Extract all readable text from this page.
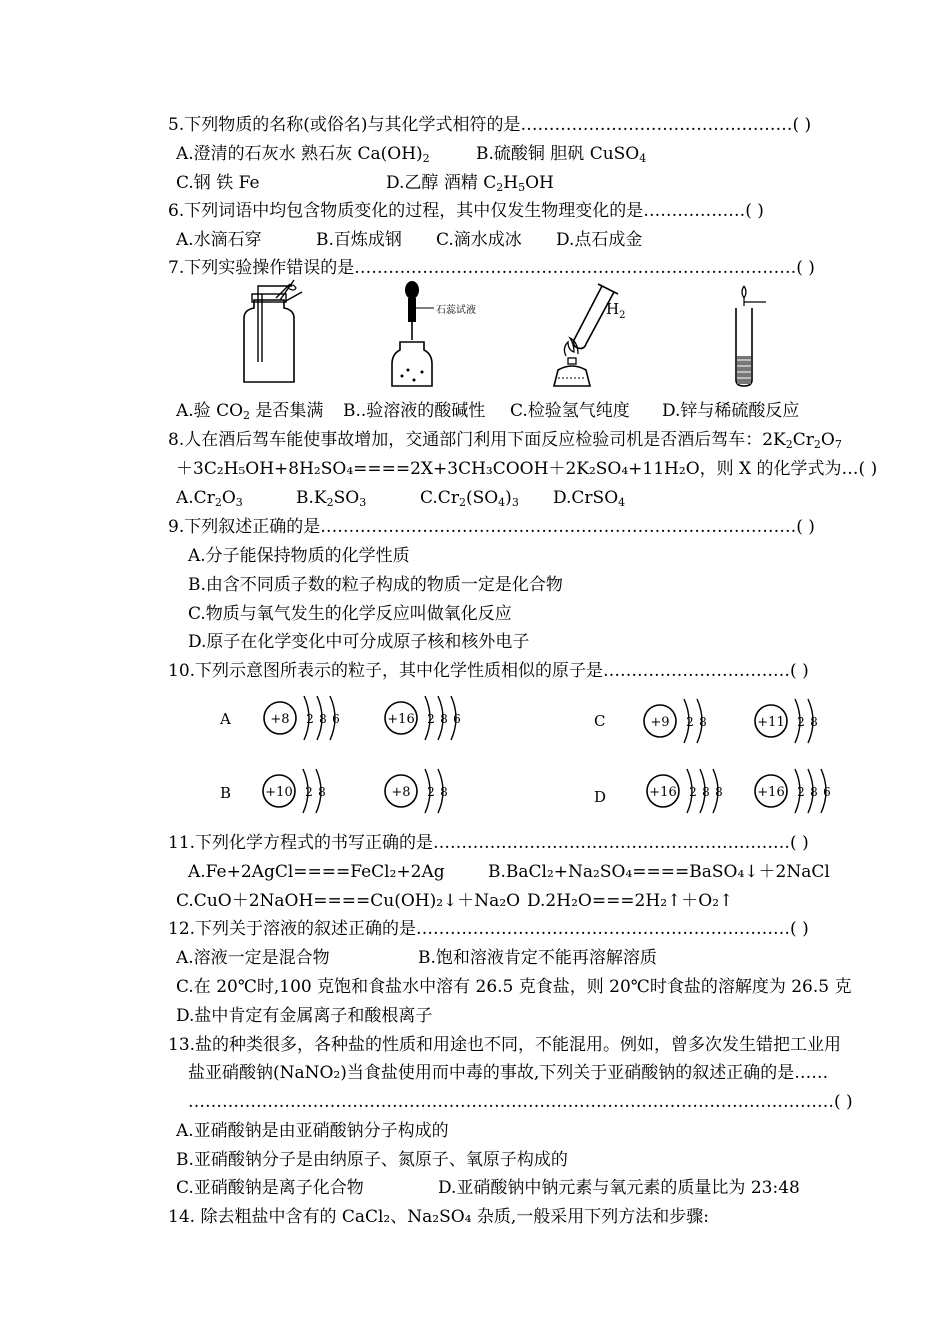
5.下列物质的名称(或俗名)与其化学式相符的是…………………………………………( )
A.澄清的石灰水 熟石灰 $Ca(OH)_2$	B.硫酸铜 胆矾 CuSO$_4$
C.钢 铁 Fe	D.乙醇 酒精 $C_2H_5OH$
6.下列词语中均包含物质变化的过程，其中仅发生物理变化的是………………( )
A.水滴石穿	B.百炼成钢 C.滴水成冰 D.点石成金
7.下列实验操作错误的是……………………………………………………………………( )
石蕊试液	$H_2$
A.验 $CO_2$ 是否集满 B..验溶液的酸碱性 C.检验氢气纯度 D.锌与稀硫酸反应
8.人在酒后驾车能使事故增加，交通部门利用下面反应检验司机是否酒后驾车：$2K_2Cr_2O_7$
＋3C₂H₅OH+8H₂SO₄====2X+3CH₃COOH＋2K₂SO₄+11H₂O，则 X 的化学式为…( )
$A.Cr_2O_3$	$B.K_2SO_3$	$C.Cr_2(SO_4)_3$ D.CrSO$_4$
9.下列叙述正确的是…………………………………………………………………………( )
A.分子能保持物质的化学性质
B.由含不同质子数的粒子构成的物质一定是化合物
C.物质与氧气发生的化学反应叫做氧化反应
D.原子在化学变化中可分成原子核和核外电子
10.下列示意图所表示的粒子，其中化学性质相似的原子是……………………………( )
A
B
C
D
+8 2 8 6	+16 2 8 6
+10 2 8	+8 2 8
+9 2 8	+11 2 8
+16 2 8 8	+16 2 8 6
11.下列化学方程式的书写正确的是………………………………………………………( )
A.Fe+2AgCl====FeCl₂+2Ag	B.BaCl₂+Na₂SO₄====BaSO₄↓＋2NaCl
C.CuO＋2NaOH====Cu(OH)₂↓＋Na₂O D.2H₂O===2H₂↑＋O₂↑
12.下列关于溶液的叙述正确的是…………………………………………………………( )
A.溶液一定是混合物	B.饱和溶液肯定不能再溶解溶质
C.在 20℃时,100 克饱和食盐水中溶有 26.5 克食盐，则 20℃时食盐的溶解度为 26.5 克
D.盐中肯定有金属离子和酸根离子
13.盐的种类很多，各种盐的性质和用途也不同，不能混用。例如，曾多次发生错把工业用
盐亚硝酸钠(NaNO₂)当食盐使用而中毒的事故,下列关于亚硝酸钠的叙述正确的是……
……………………………………………………………………………………………………( )
A.亚硝酸钠是由亚硝酸钠分子构成的
B.亚硝酸钠分子是由纳原子、氮原子、氧原子构成的
C.亚硝酸钠是离子化合物	D.亚硝酸钠中钠元素与氧元素的质量比为 23:48
14. 除去粗盐中含有的 CaCl₂、Na₂SO₄ 杂质,一般采用下列方法和步骤:
